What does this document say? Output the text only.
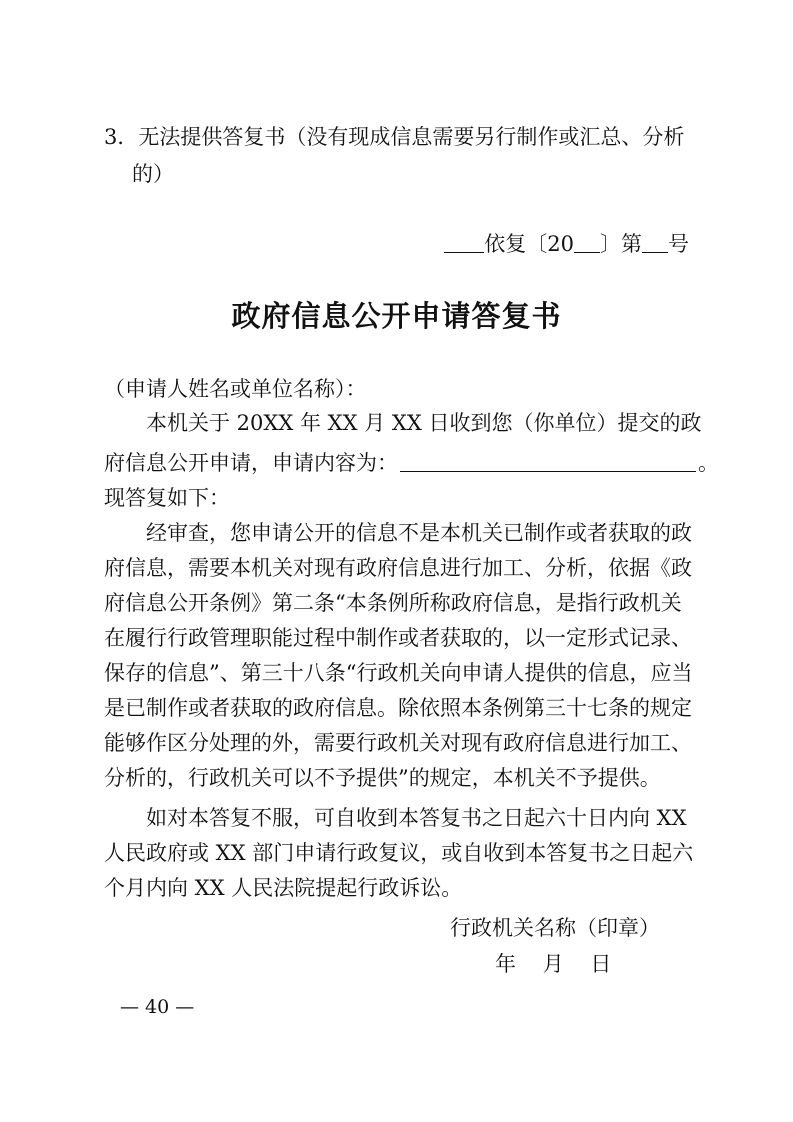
3．无法提供答复书（没有现成信息需要另行制作或汇总、分析
的）
依复〔20 〕第 号
政府信息公开申请答复书
（申请人姓名或单位名称）：
本机关于 20XX 年 XX 月 XX 日收到您（你单位）提交的政
府信息公开申请，申请内容为：	。
现答复如下：
经审查，您申请公开的信息不是本机关已制作或者获取的政
府信息，需要本机关对现有政府信息进行加工、分析，依据《政
府信息公开条例》第二条“本条例所称政府信息，是指行政机关
在履行行政管理职能过程中制作或者获取的，以一定形式记录、
保存的信息”、第三十八条“行政机关向申请人提供的信息，应当
是已制作或者获取的政府信息。除依照本条例第三十七条的规定
能够作区分处理的外，需要行政机关对现有政府信息进行加工、
分析的，行政机关可以不予提供”的规定，本机关不予提供。
如对本答复不服，可自收到本答复书之日起六十日内向 XX
人民政府或 XX 部门申请行政复议，或自收到本答复书之日起六
个月内向 XX 人民法院提起行政诉讼。
行政机关名称（印章）
年    月    日
— 40 —
